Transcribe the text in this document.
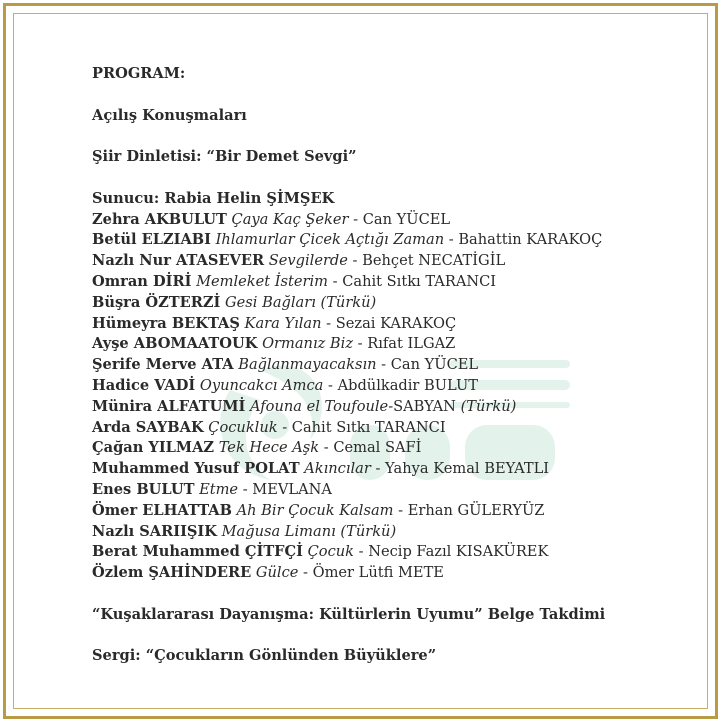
PROGRAM:
Açılış Konuşmaları
Şiir Dinletisi: “Bir Demet Sevgi”
Sunucu: Rabia Helin ŞİMŞEK
Zehra AKBULUT Çaya Kaç Şeker - Can YÜCEL
Betül ELZIABI Ihlamurlar Çicek Açtığı Zaman - Bahattin KARAKOÇ
Nazlı Nur ATASEVER Sevgilerde - Behçet NECATİGİL
Omran DİRİ Memleket İsterim - Cahit Sıtkı TARANCI
Büşra ÖZTERZİ Gesi Bağları (Türkü)
Hümeyra BEKTAŞ Kara Yılan - Sezai KARAKOÇ
Ayşe ABOMAATOUK Ormanız Biz - Rıfat ILGAZ
Şerife Merve ATA Bağlanmayacaksın - Can YÜCEL
Hadice VADİ Oyuncakcı Amca - Abdülkadir BULUT
Münira ALFATUMİ Afouna el Toufoule-SABYAN (Türkü)
Arda SAYBAK Çocukluk - Cahit Sıtkı TARANCI
Çağan YILMAZ Tek Hece Aşk - Cemal SAFİ
Muhammed Yusuf POLAT Akıncılar - Yahya Kemal BEYATLI
Enes BULUT Etme - MEVLANA
Ömer ELHATTAB Ah Bir Çocuk Kalsam - Erhan GÜLERYÜZ
Nazlı SARIIŞIK Mağusa Limanı (Türkü)
Berat Muhammed ÇİTFÇİ Çocuk - Necip Fazıl KISAKÜREK
Özlem ŞAHİNDERE Gülce - Ömer Lütfi METE
“Kuşaklararası Dayanışma: Kültürlerin Uyumu” Belge Takdimi
Sergi: “Çocukların Gönlünden Büyüklere”
